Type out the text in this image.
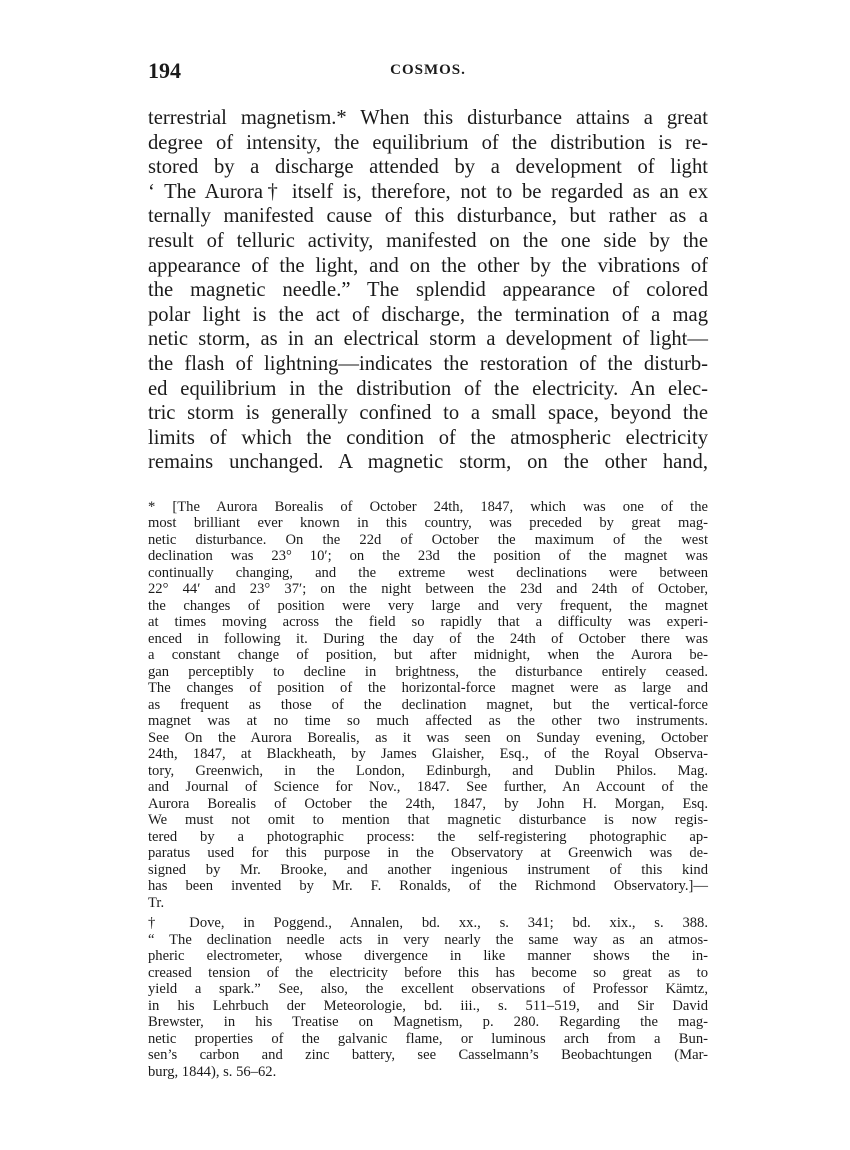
194	COSMOS.
terrestrial magnetism.* When this disturbance attains a great
degree of intensity, the equilibrium of the distribution is re-
stored by a discharge attended by a development of light
‘ The Aurora† itself is, therefore, not to be regarded as an ex
ternally manifested cause of this disturbance, but rather as a
result of telluric activity, manifested on the one side by the
appearance of the light, and on the other by the vibrations of
the magnetic needle.” The splendid appearance of colored
polar light is the act of discharge, the termination of a mag
netic storm, as in an electrical storm a development of light—
the flash of lightning—indicates the restoration of the disturb-
ed equilibrium in the distribution of the electricity. An elec-
tric storm is generally confined to a small space, beyond the
limits of which the condition of the atmospheric electricity
remains unchanged. A magnetic storm, on the other hand,
* [The Aurora Borealis of October 24th, 1847, which was one of the
most brilliant ever known in this country, was preceded by great mag-
netic disturbance. On the 22d of October the maximum of the west
declination was 23° 10′; on the 23d the position of the magnet was
continually changing, and the extreme west declinations were between
22° 44′ and 23° 37′; on the night between the 23d and 24th of October,
the changes of position were very large and very frequent, the magnet
at times moving across the field so rapidly that a difficulty was experi-
enced in following it. During the day of the 24th of October there was
a constant change of position, but after midnight, when the Aurora be-
gan perceptibly to decline in brightness, the disturbance entirely ceased.
The changes of position of the horizontal-force magnet were as large and
as frequent as those of the declination magnet, but the vertical-force
magnet was at no time so much affected as the other two instruments.
See On the Aurora Borealis, as it was seen on Sunday evening, October
24th, 1847, at Blackheath, by James Glaisher, Esq., of the Royal Observa-
tory, Greenwich, in the London, Edinburgh, and Dublin Philos. Mag.
and Journal of Science for Nov., 1847. See further, An Account of the
Aurora Borealis of October the 24th, 1847, by John H. Morgan, Esq.
We must not omit to mention that magnetic disturbance is now regis-
tered by a photographic process: the self-registering photographic ap-
paratus used for this purpose in the Observatory at Greenwich was de-
signed by Mr. Brooke, and another ingenious instrument of this kind
has been invented by Mr. F. Ronalds, of the Richmond Observatory.]—
Tr.
† Dove, in Poggend., Annalen, bd. xx., s. 341; bd. xix., s. 388.
“ The declination needle acts in very nearly the same way as an atmos-
pheric electrometer, whose divergence in like manner shows the in-
creased tension of the electricity before this has become so great as to
yield a spark.” See, also, the excellent observations of Professor Kämtz,
in his Lehrbuch der Meteorologie, bd. iii., s. 511–519, and Sir David
Brewster, in his Treatise on Magnetism, p. 280. Regarding the mag-
netic properties of the galvanic flame, or luminous arch from a Bun-
sen’s carbon and zinc battery, see Casselmann’s Beobachtungen (Mar-
burg, 1844), s. 56–62.
